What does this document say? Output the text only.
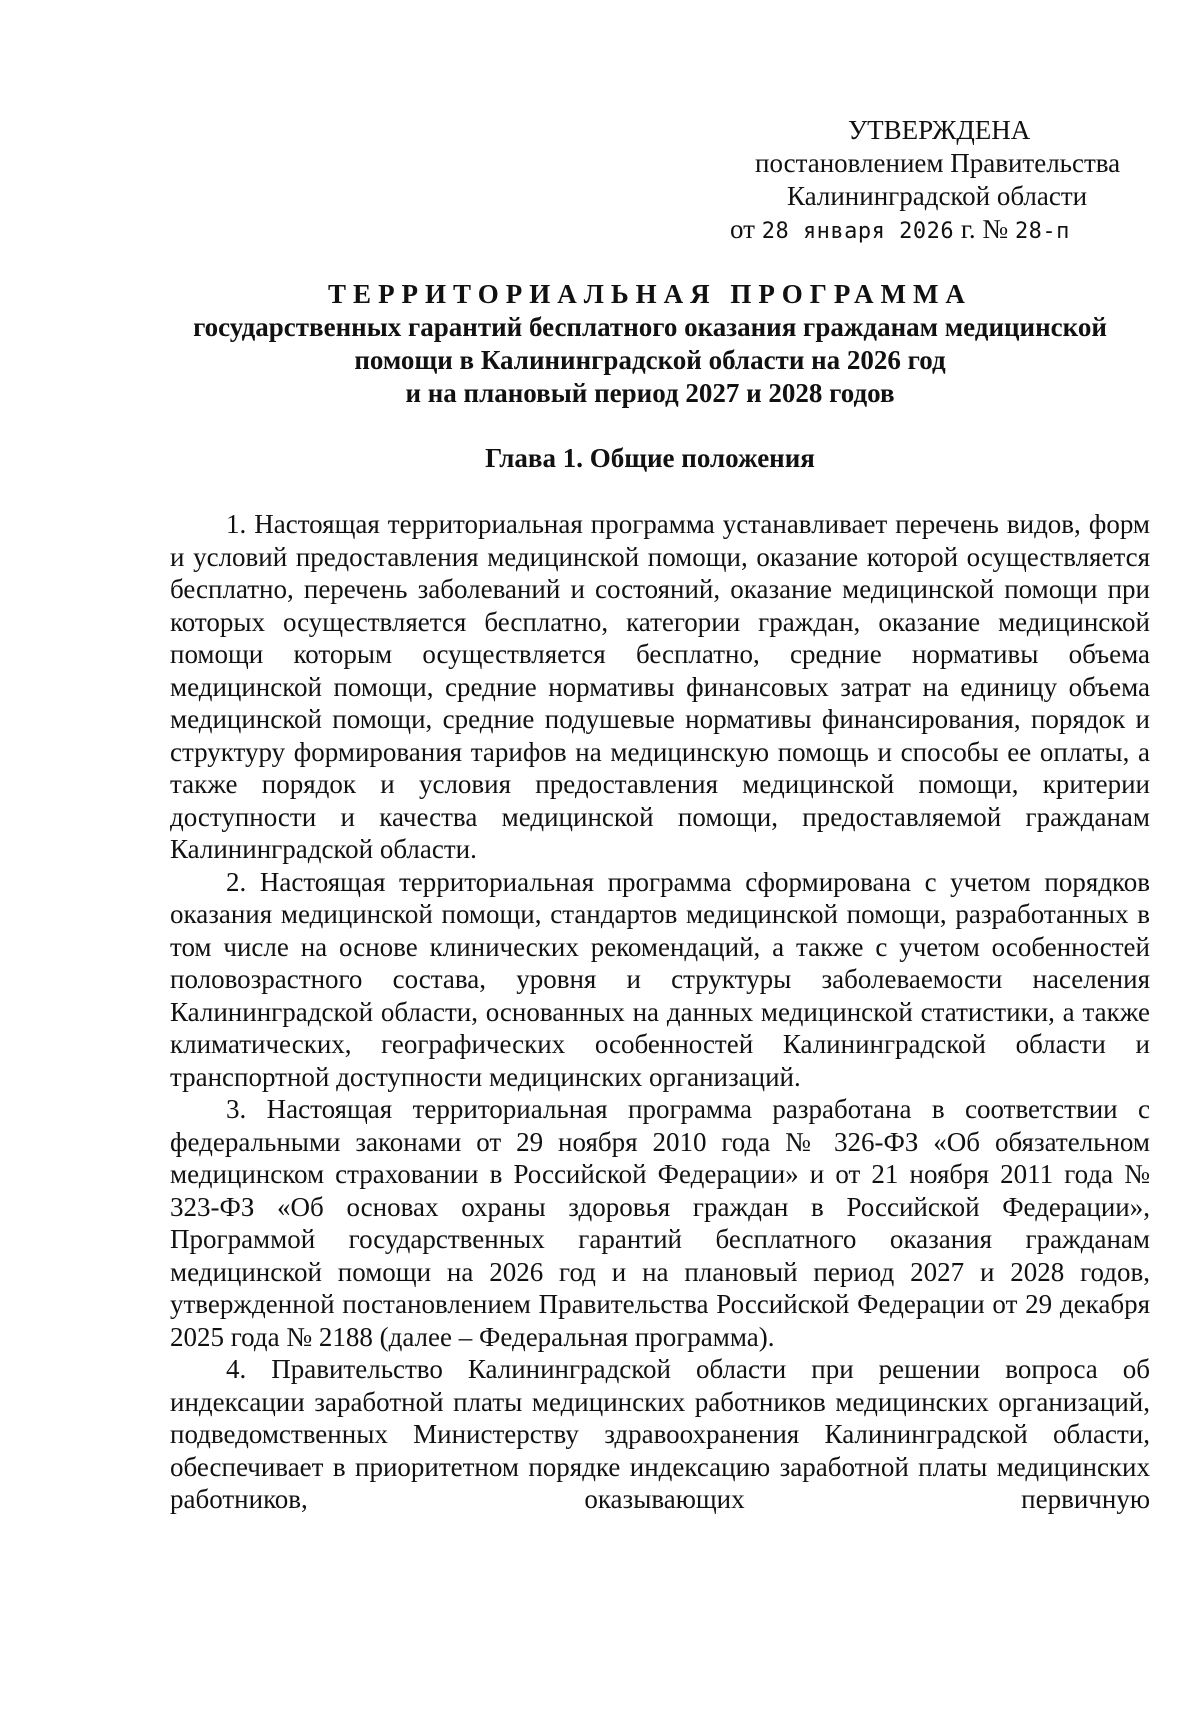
УТВЕРЖДЕНА
постановлением Правительства
Калининградской области
от 28 января 2026 г. № 28-п
ТЕРРИТОРИАЛЬНАЯ ПРОГРАММА
государственных гарантий бесплатного оказания гражданам медицинской
помощи в Калининградской области на 2026 год
и на плановый период 2027 и 2028 годов
Глава 1. Общие положения

1. Настоящая территориальная программа устанавливает перечень видов, форм и условий предоставления медицинской помощи, оказание которой осуществляется бесплатно, перечень заболеваний и состояний, оказание медицинской помощи при которых осуществляется бесплатно, категории граждан, оказание медицинской помощи которым осуществляется бесплатно, средние нормативы объема медицинской помощи, средние нормативы финансовых затрат на единицу объема медицинской помощи, средние подушевые нормативы финансирования, порядок и структуру формирования тарифов на медицинскую помощь и способы ее оплаты, а также порядок и условия предоставления медицинской помощи, критерии доступности и качества медицинской помощи, предоставляемой гражданам Калининградской области.

2. Настоящая территориальная программа сформирована с учетом порядков оказания медицинской помощи, стандартов медицинской помощи, разработанных в том числе на основе клинических рекомендаций, а также с учетом особенностей половозрастного состава, уровня и структуры заболеваемости населения Калининградской области, основанных на данных медицинской статистики, а также климатических, географических особенностей Калининградской области и транспортной доступности медицинских организаций.

3. Настоящая территориальная программа разработана в соответствии с федеральными законами от 29 ноября 2010 года № 326-ФЗ «Об обязательном медицинском страховании в Российской Федерации» и от 21 ноября 2011 года № 323-ФЗ «Об основах охраны здоровья граждан в Российской Федерации», Программой государственных гарантий бесплатного оказания гражданам медицинской помощи на 2026 год и на плановый период 2027 и 2028 годов, утвержденной постановлением Правительства Российской Федерации от 29 декабря 2025 года № 2188 (далее – Федеральная программа).

4. Правительство Калининградской области при решении вопроса об индексации заработной платы медицинских работников медицинских организаций, подведомственных Министерству здравоохранения Калининградской области, обеспечивает в приоритетном порядке индексацию заработной платы медицинских работников, оказывающих первичную
